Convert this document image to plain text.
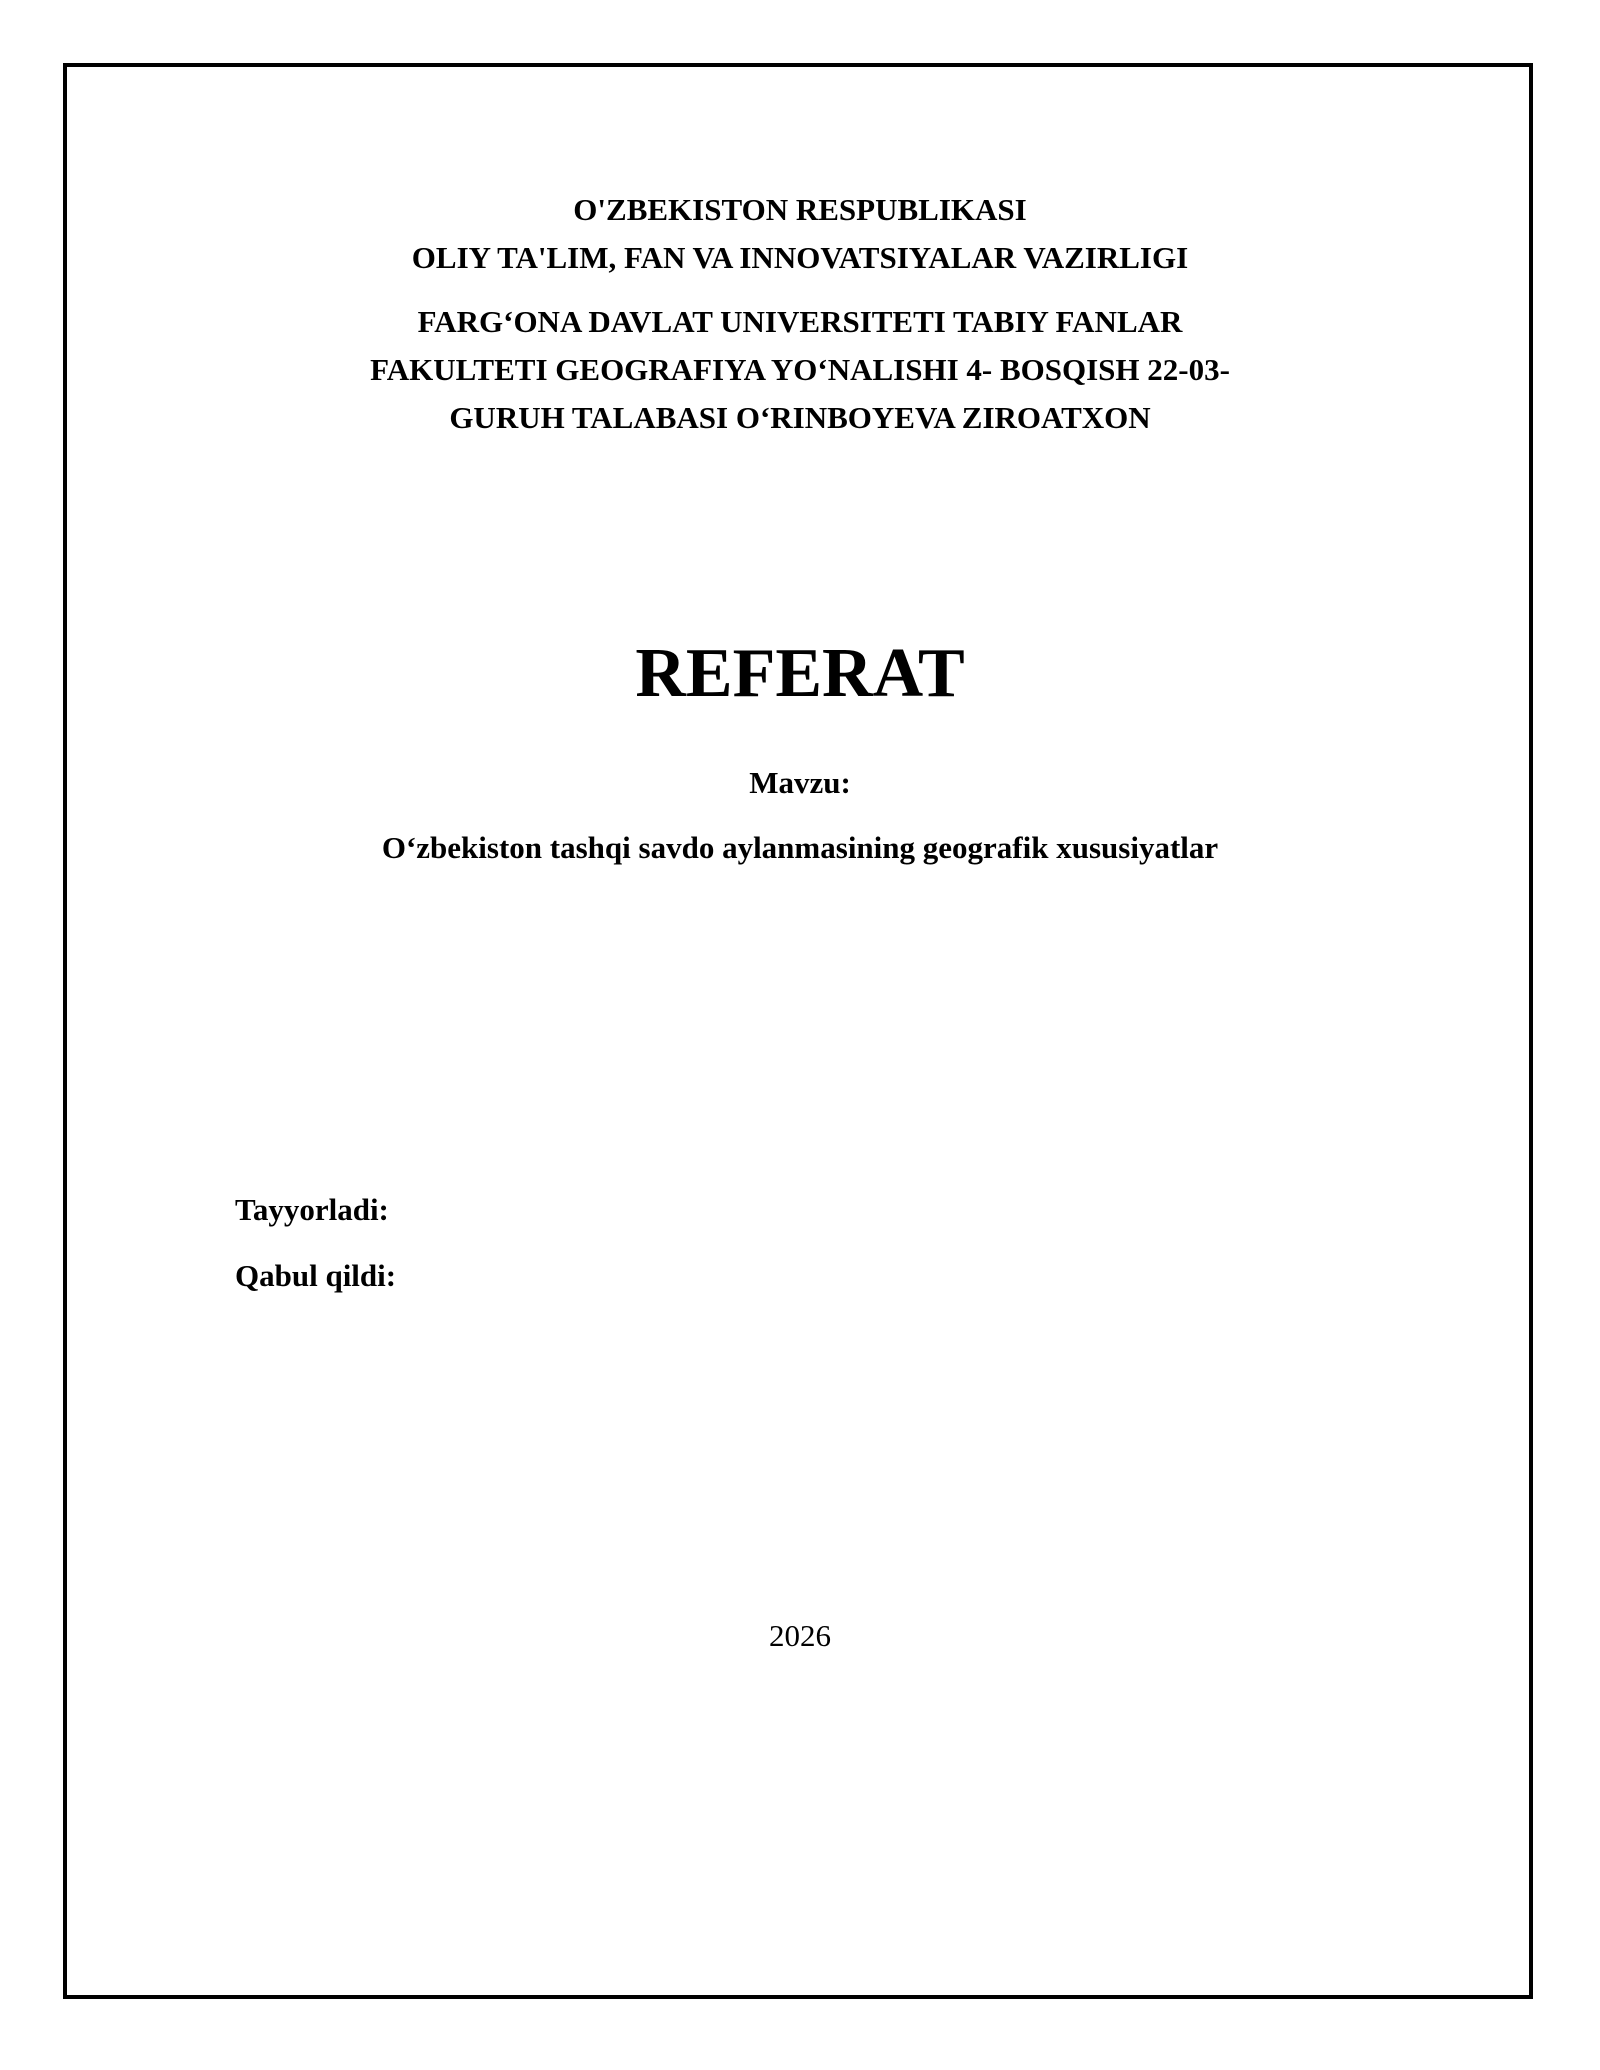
O'ZBEKISTON RESPUBLIKASI
OLIY TA'LIM, FAN VA INNOVATSIYALAR VAZIRLIGI
FARG‘ONA DAVLAT UNIVERSITETI TABIY FANLAR
FAKULTETI GEOGRAFIYA YO‘NALISHI 4- BOSQISH 22-03-
GURUH TALABASI O‘RINBOYEVA ZIROATXON
REFERAT
Mavzu:
O‘zbekiston tashqi savdo aylanmasining geografik xususiyatlar
Tayyorladi:
Qabul qildi:
2026
